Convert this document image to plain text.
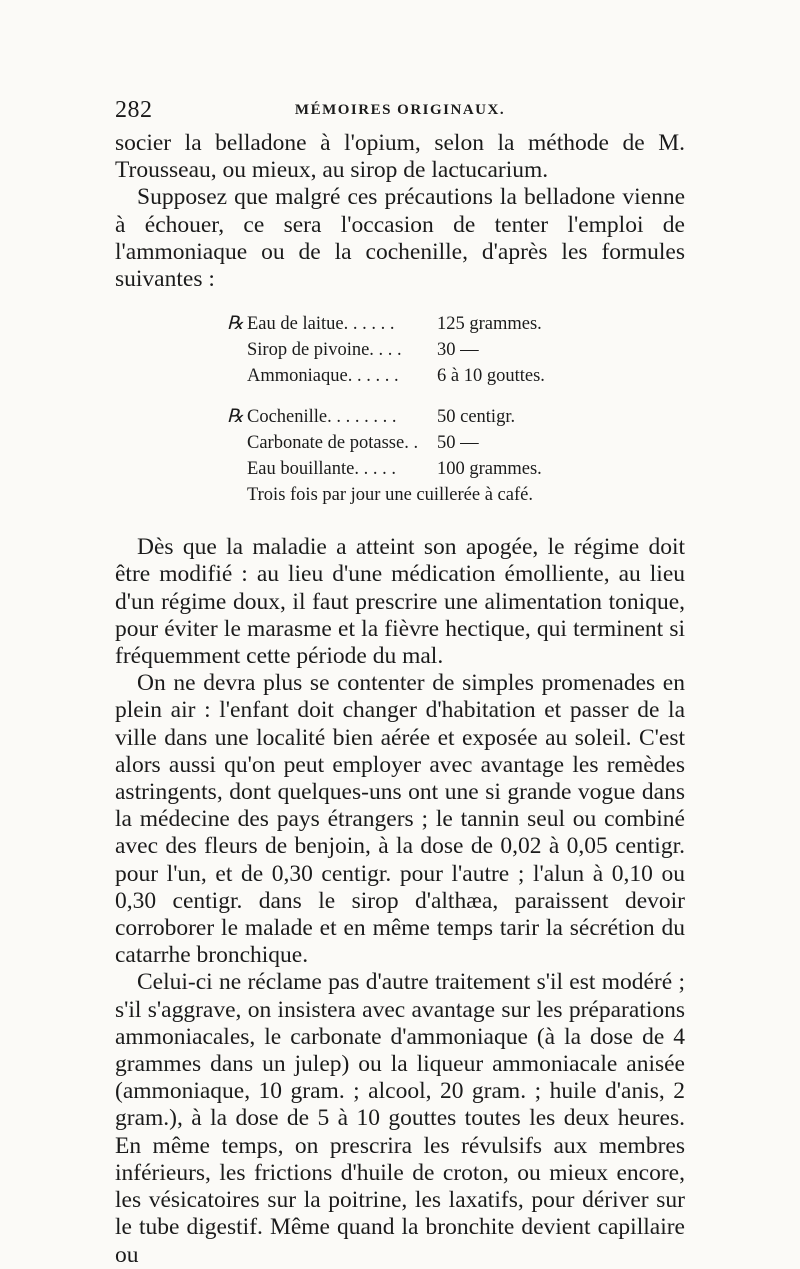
282	MÉMOIRES ORIGINAUX.

socier la belladone à l'opium, selon la méthode de M. Trousseau, ou mieux, au sirop de lactucarium.

Supposez que malgré ces précautions la belladone vienne à échouer, ce sera l'occasion de tenter l'emploi de l'ammoniaque ou de la cochenille, d'après les formules suivantes :

℞ Eau de laitue. . . . . . 125 grammes.
Sirop de pivoine. . . . 30 —
Ammoniaque. . . . . . 6 à 10 gouttes.
℞ Cochenille. . . . . . . . 50 centigr.
Carbonate de potasse. . 50 —
Eau bouillante. . . . . 100 grammes.
Trois fois par jour une cuillerée à café.

Dès que la maladie a atteint son apogée, le régime doit être modifié : au lieu d'une médication émolliente, au lieu d'un régime doux, il faut prescrire une alimentation tonique, pour éviter le marasme et la fièvre hectique, qui terminent si fréquemment cette période du mal.

On ne devra plus se contenter de simples promenades en plein air : l'enfant doit changer d'habitation et passer de la ville dans une localité bien aérée et exposée au soleil. C'est alors aussi qu'on peut employer avec avantage les remèdes astringents, dont quelques-uns ont une si grande vogue dans la médecine des pays étrangers ; le tannin seul ou combiné avec des fleurs de benjoin, à la dose de 0,02 à 0,05 centigr. pour l'un, et de 0,30 centigr. pour l'autre ; l'alun à 0,10 ou 0,30 centigr. dans le sirop d'althæa, paraissent devoir corroborer le malade et en même temps tarir la sécrétion du catarrhe bronchique.

Celui-ci ne réclame pas d'autre traitement s'il est modéré ; s'il s'aggrave, on insistera avec avantage sur les préparations ammoniacales, le carbonate d'ammoniaque (à la dose de 4 grammes dans un julep) ou la liqueur ammoniacale anisée (ammoniaque, 10 gram. ; alcool, 20 gram. ; huile d'anis, 2 gram.), à la dose de 5 à 10 gouttes toutes les deux heures. En même temps, on prescrira les révulsifs aux membres inférieurs, les frictions d'huile de croton, ou mieux encore, les vésicatoires sur la poitrine, les laxatifs, pour dériver sur le tube digestif. Même quand la bronchite devient capillaire ou
